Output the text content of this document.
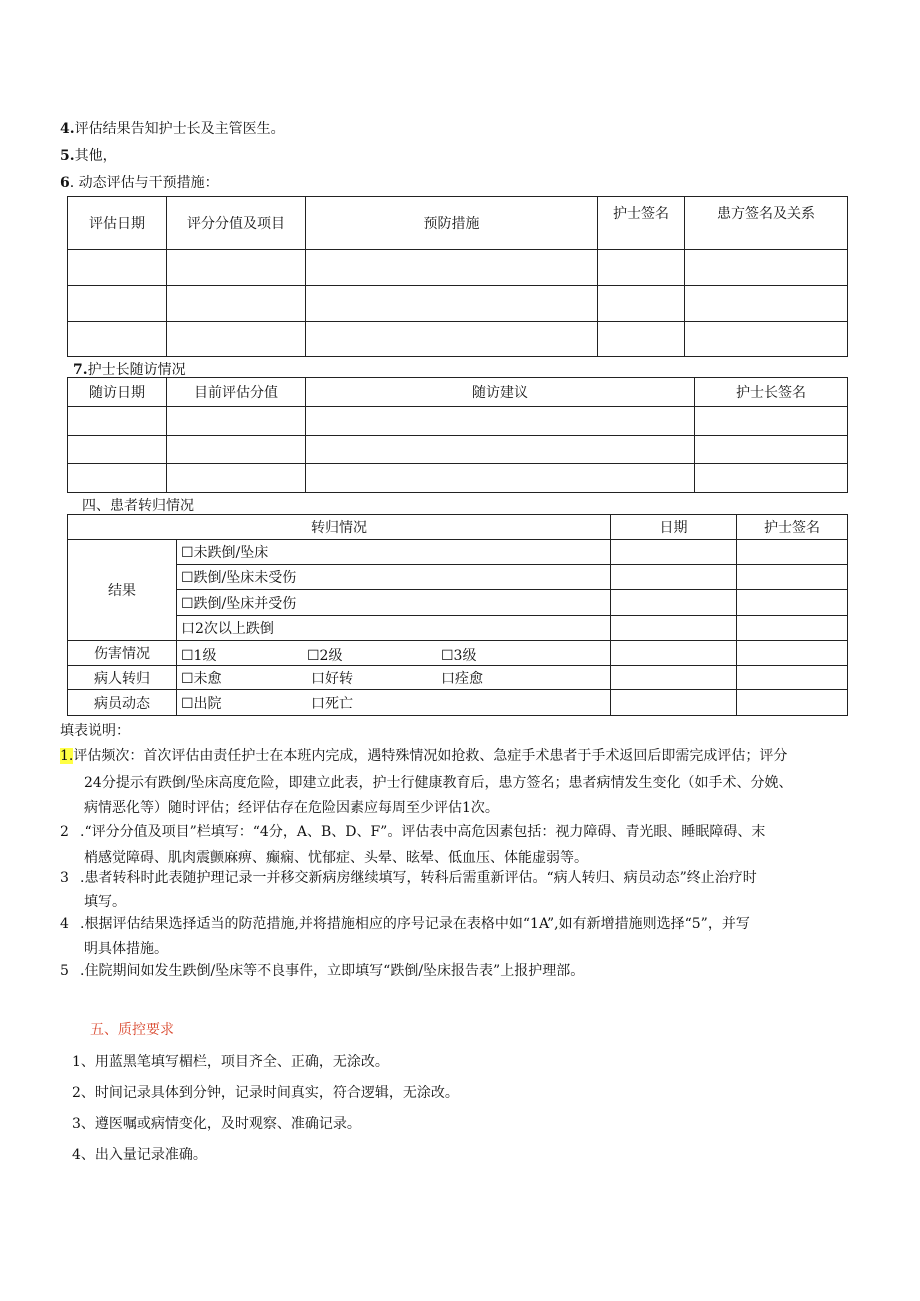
4.评估结果告知护士长及主管医生。
5.其他，
6. 动态评估与干预措施：
评估日期	评分分值及项目	预防措施	护士签名	患方签名及关系

7.护士长随访情况
随访日期	目前评估分值	随访建议	护士长签名

四、患者转归情况
转归情况		日期	护士签名
结果	☐未跌倒/坠床		
	☐跌倒/坠床未受伤		
	☐跌倒/坠床并受伤		
	口2次以上跌倒		
伤害情况	☐1级 ☐2级 ☐3级		

病人转归	☐未愈 口好转 口痊愈		

病员动态	☐出院 口死亡		

填表说明：
1.评估频次：首次评估由责任护士在本班内完成，遇特殊情况如抢救、急症手术患者于手术返回后即需完成评估；评分
24分提示有跌倒/坠床高度危险，即建立此表，护士行健康教育后，患方签名；患者病情发生变化（如手术、分娩、
病情恶化等）随时评估；经评估存在危险因素应每周至少评估1次。
2 .“评分分值及项目”栏填写：“4分，A、B、D、F”。评估表中高危因素包括：视力障碍、青光眼、睡眠障碍、末
梢感觉障碍、肌肉震颤麻痹、癫痫、忧郁症、头晕、眩晕、低血压、体能虚弱等。
3 .患者转科时此表随护理记录一并移交新病房继续填写，转科后需重新评估。“病人转归、病员动态”终止治疗时
填写。
4 .根据评估结果选择适当的防范措施,并将措施相应的序号记录在表格中如“1A”,如有新增措施则选择“5”，并写
明具体措施。
5 .住院期间如发生跌倒/坠床等不良事件，立即填写“跌倒/坠床报告表”上报护理部。
五、质控要求
1、用蓝黑笔填写楣栏，项目齐全、正确，无涂改。
2、时间记录具体到分钟，记录时间真实，符合逻辑，无涂改。
3、遵医嘱或病情变化，及时观察、准确记录。
4、出入量记录准确。
